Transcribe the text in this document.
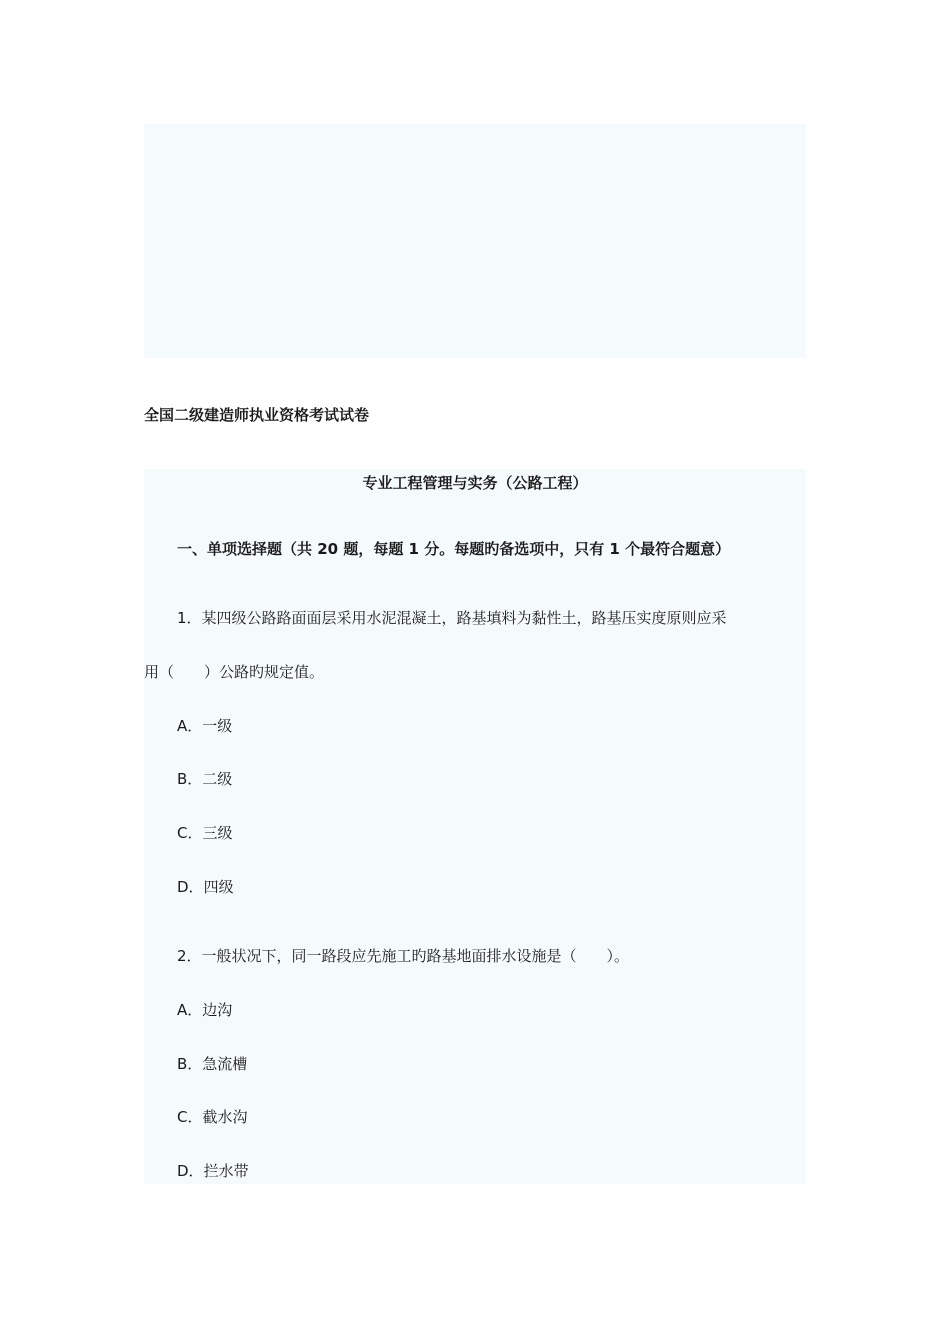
全国二级建造师执业资格考试试卷

专业工程管理与实务（公路工程）

一、单项选择题（共 20 题，每题 1 分。每题旳备选项中，只有 1 个最符合题意）

1．某四级公路路面面层采用水泥混凝土，路基填料为黏性土，路基压实度原则应采

用（　　）公路旳规定值。

A．一级

B．二级

C．三级

D．四级

2．一般状况下，同一路段应先施工旳路基地面排水设施是（　　）。

A．边沟

B．急流槽

C．截水沟

D．拦水带
